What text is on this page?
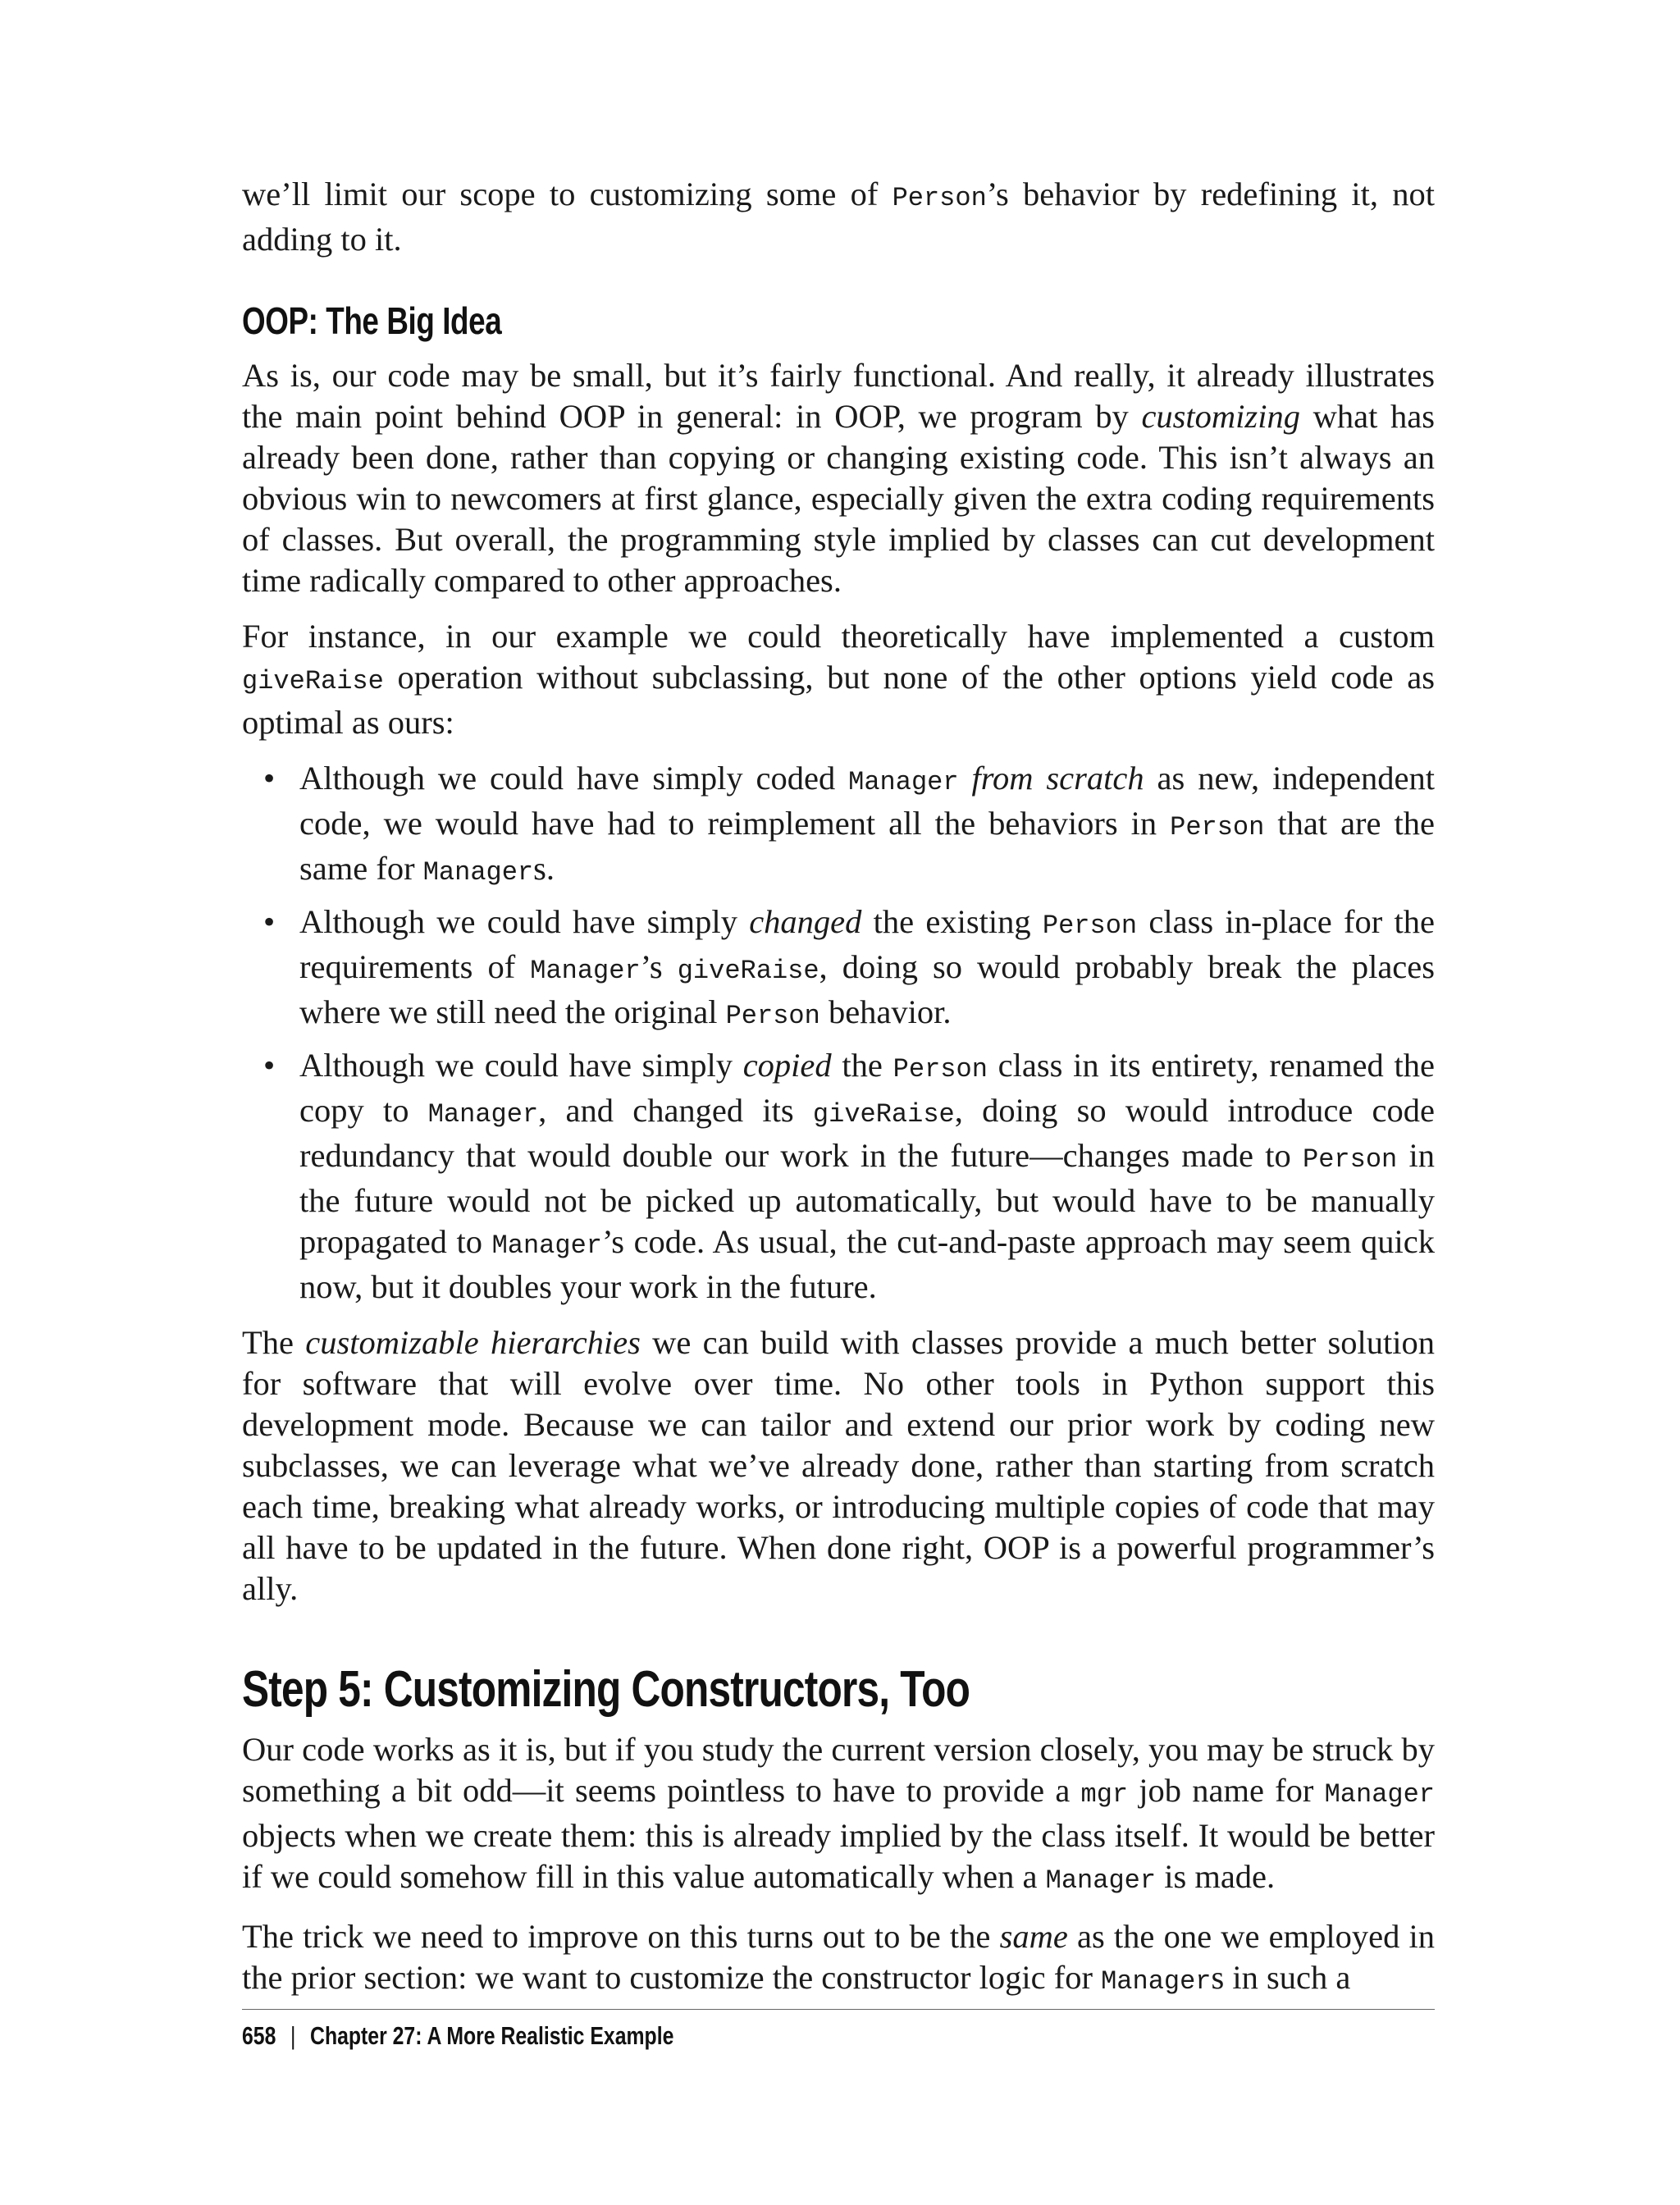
we’ll limit our scope to customizing some of Person’s behavior by redefining it, not adding to it.

OOP: The Big Idea

As is, our code may be small, but it’s fairly functional. And really, it already illustrates the main point behind OOP in general: in OOP, we program by customizing what has already been done, rather than copying or changing existing code. This isn’t always an obvious win to newcomers at first glance, especially given the extra coding requirements of classes. But overall, the programming style implied by classes can cut development time radically compared to other approaches.

For instance, in our example we could theoretically have implemented a custom giveRaise operation without subclassing, but none of the other options yield code as optimal as ours:

• Although we could have simply coded Manager from scratch as new, independent code, we would have had to reimplement all the behaviors in Person that are the same for Managers.
• Although we could have simply changed the existing Person class in-place for the requirements of Manager’s giveRaise, doing so would probably break the places where we still need the original Person behavior.
• Although we could have simply copied the Person class in its entirety, renamed the copy to Manager, and changed its giveRaise, doing so would introduce code redundancy that would double our work in the future—changes made to Person in the future would not be picked up automatically, but would have to be manually propagated to Manager’s code. As usual, the cut-and-paste approach may seem quick now, but it doubles your work in the future.

The customizable hierarchies we can build with classes provide a much better solution for software that will evolve over time. No other tools in Python support this development mode. Because we can tailor and extend our prior work by coding new subclasses, we can leverage what we’ve already done, rather than starting from scratch each time, breaking what already works, or introducing multiple copies of code that may all have to be updated in the future. When done right, OOP is a powerful programmer’s ally.

Step 5: Customizing Constructors, Too

Our code works as it is, but if you study the current version closely, you may be struck by something a bit odd—it seems pointless to have to provide a mgr job name for Manager objects when we create them: this is already implied by the class itself. It would be better if we could somehow fill in this value automatically when a Manager is made.

The trick we need to improve on this turns out to be the same as the one we employed in the prior section: we want to customize the constructor logic for Managers in such a

658 | Chapter 27: A More Realistic Example
